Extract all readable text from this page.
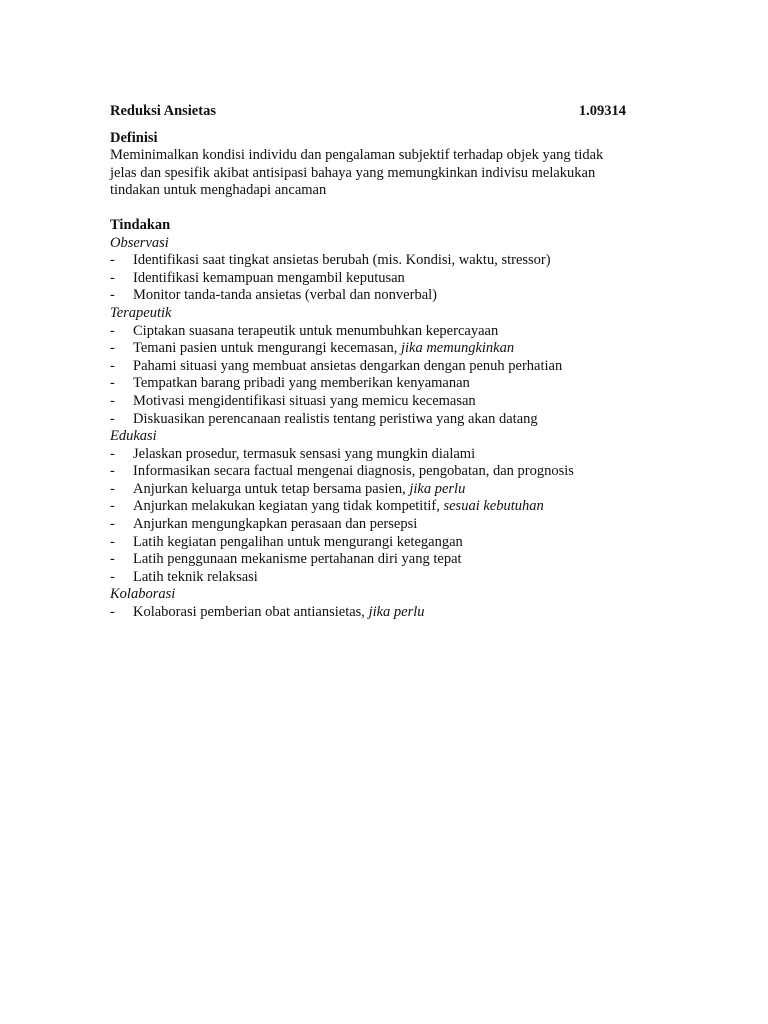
Reduksi Ansietas	1.09314
Definisi
Meminimalkan kondisi individu dan pengalaman subjektif terhadap objek yang tidak
jelas dan spesifik akibat antisipasi bahaya yang memungkinkan indivisu melakukan
tindakan untuk menghadapi ancaman
Tindakan
Observasi
-	Identifikasi saat tingkat ansietas berubah (mis. Kondisi, waktu, stressor)
-	Identifikasi kemampuan mengambil keputusan
-	Monitor tanda-tanda ansietas (verbal dan nonverbal)
Terapeutik
-	Ciptakan suasana terapeutik untuk menumbuhkan kepercayaan
-	Temani pasien untuk mengurangi kecemasan, jika memungkinkan
-	Pahami situasi yang membuat ansietas dengarkan dengan penuh perhatian
-	Tempatkan barang pribadi yang memberikan kenyamanan
-	Motivasi mengidentifikasi situasi yang memicu kecemasan
-	Diskuasikan perencanaan realistis tentang peristiwa yang akan datang
Edukasi
-	Jelaskan prosedur, termasuk sensasi yang mungkin dialami
-	Informasikan secara factual mengenai diagnosis, pengobatan, dan prognosis
-	Anjurkan keluarga untuk tetap bersama pasien, jika perlu
-	Anjurkan melakukan kegiatan yang tidak kompetitif, sesuai kebutuhan
-	Anjurkan mengungkapkan perasaan dan persepsi
-	Latih kegiatan pengalihan untuk mengurangi ketegangan
-	Latih penggunaan mekanisme pertahanan diri yang tepat
-	Latih teknik relaksasi
Kolaborasi
-	Kolaborasi pemberian obat antiansietas, jika perlu
